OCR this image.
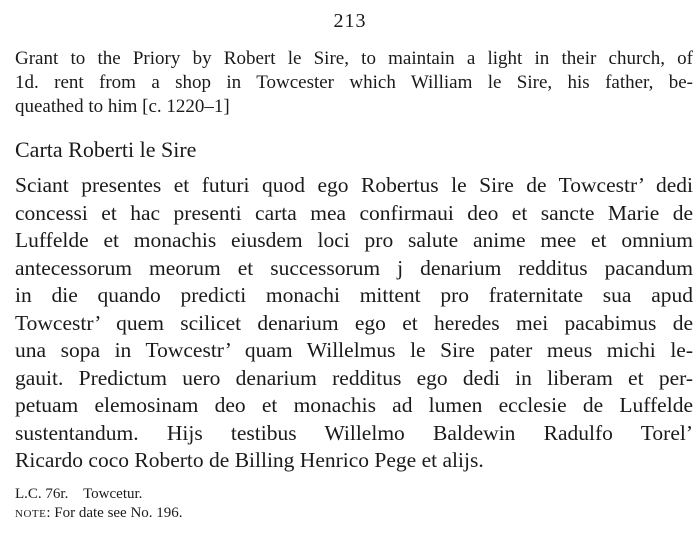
213
Grant to the Priory by Robert le Sire, to maintain a light in their church, of
1d. rent from a shop in Towcester which William le Sire, his father, be-
queathed to him [c. 1220–1]
Carta Roberti le Sire
Sciant presentes et futuri quod ego Robertus le Sire de Towcestr’ dedi
concessi et hac presenti carta mea confirmaui deo et sancte Marie de
Luffelde et monachis eiusdem loci pro salute anime mee et omnium
antecessorum meorum et successorum j denarium redditus pacandum
in die quando predicti monachi mittent pro fraternitate sua apud
Towcestr’ quem scilicet denarium ego et heredes mei pacabimus de
una sopa in Towcestr’ quam Willelmus le Sire pater meus michi le-
gauit. Predictum uero denarium redditus ego dedi in liberam et per-
petuam elemosinam deo et monachis ad lumen ecclesie de Luffelde
sustentandum. Hijs testibus Willelmo Baldewin Radulfo Torel’
Ricardo coco Roberto de Billing Henrico Pege et alijs.
L.C. 76r.    Towcetur.
note: For date see No. 196.
